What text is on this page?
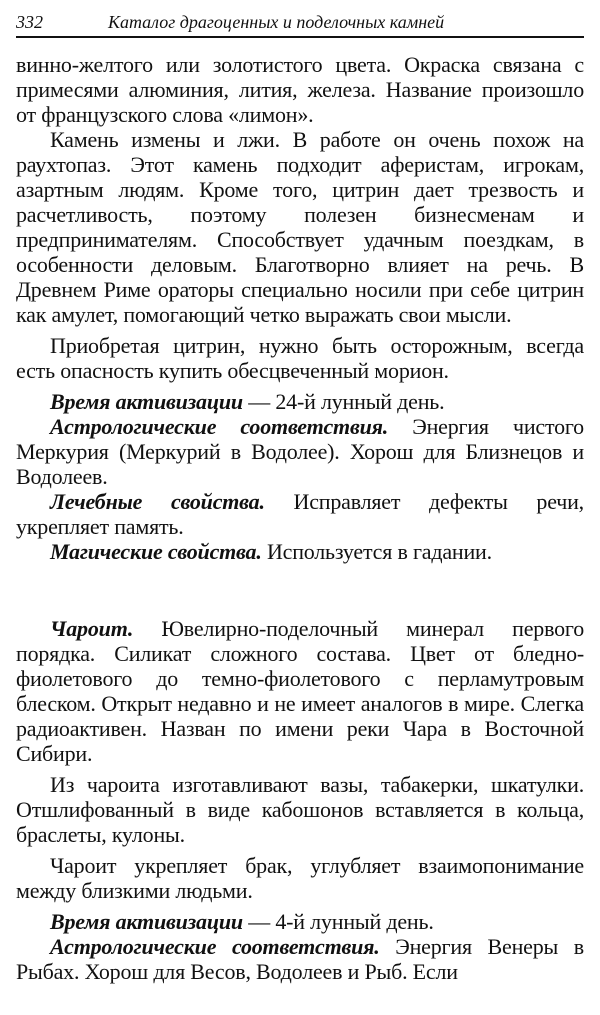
332	Каталог драгоценных и поделочных камней

винно-желтого или золотистого цвета. Окраска связана с примесями алюминия, лития, железа. Название произошло от французского слова «лимон».

Камень измены и лжи. В работе он очень похож на раухтопаз. Этот камень подходит аферистам, игрокам, азартным людям. Кроме того, цитрин дает трезвость и расчетливость, поэтому полезен бизнесменам и предпринимателям. Способствует удачным поездкам, в особенности деловым. Благотворно влияет на речь. В Древнем Риме ораторы специально носили при себе цитрин как амулет, помогающий четко выражать свои мысли.

Приобретая цитрин, нужно быть осторожным, всегда есть опасность купить обесцвеченный морион.

Время активизации — 24-й лунный день.

Астрологические соответствия. Энергия чистого Меркурия (Меркурий в Водолее). Хорош для Близнецов и Водолеев.

Лечебные свойства. Исправляет дефекты речи, укрепляет память.

Магические свойства. Используется в гадании.

Чароит. Ювелирно-поделочный минерал первого порядка. Силикат сложного состава. Цвет от бледно-фиолетового до темно-фиолетового с перламутровым блеском. Открыт недавно и не имеет аналогов в мире. Слегка радиоактивен. Назван по имени реки Чара в Восточной Сибири.

Из чароита изготавливают вазы, табакерки, шкатулки. Отшлифованный в виде кабошонов вставляется в кольца, браслеты, кулоны.

Чароит укрепляет брак, углубляет взаимопонимание между близкими людьми.

Время активизации — 4-й лунный день.

Астрологические соответствия. Энергия Венеры в Рыбах. Хорош для Весов, Водолеев и Рыб. Если
